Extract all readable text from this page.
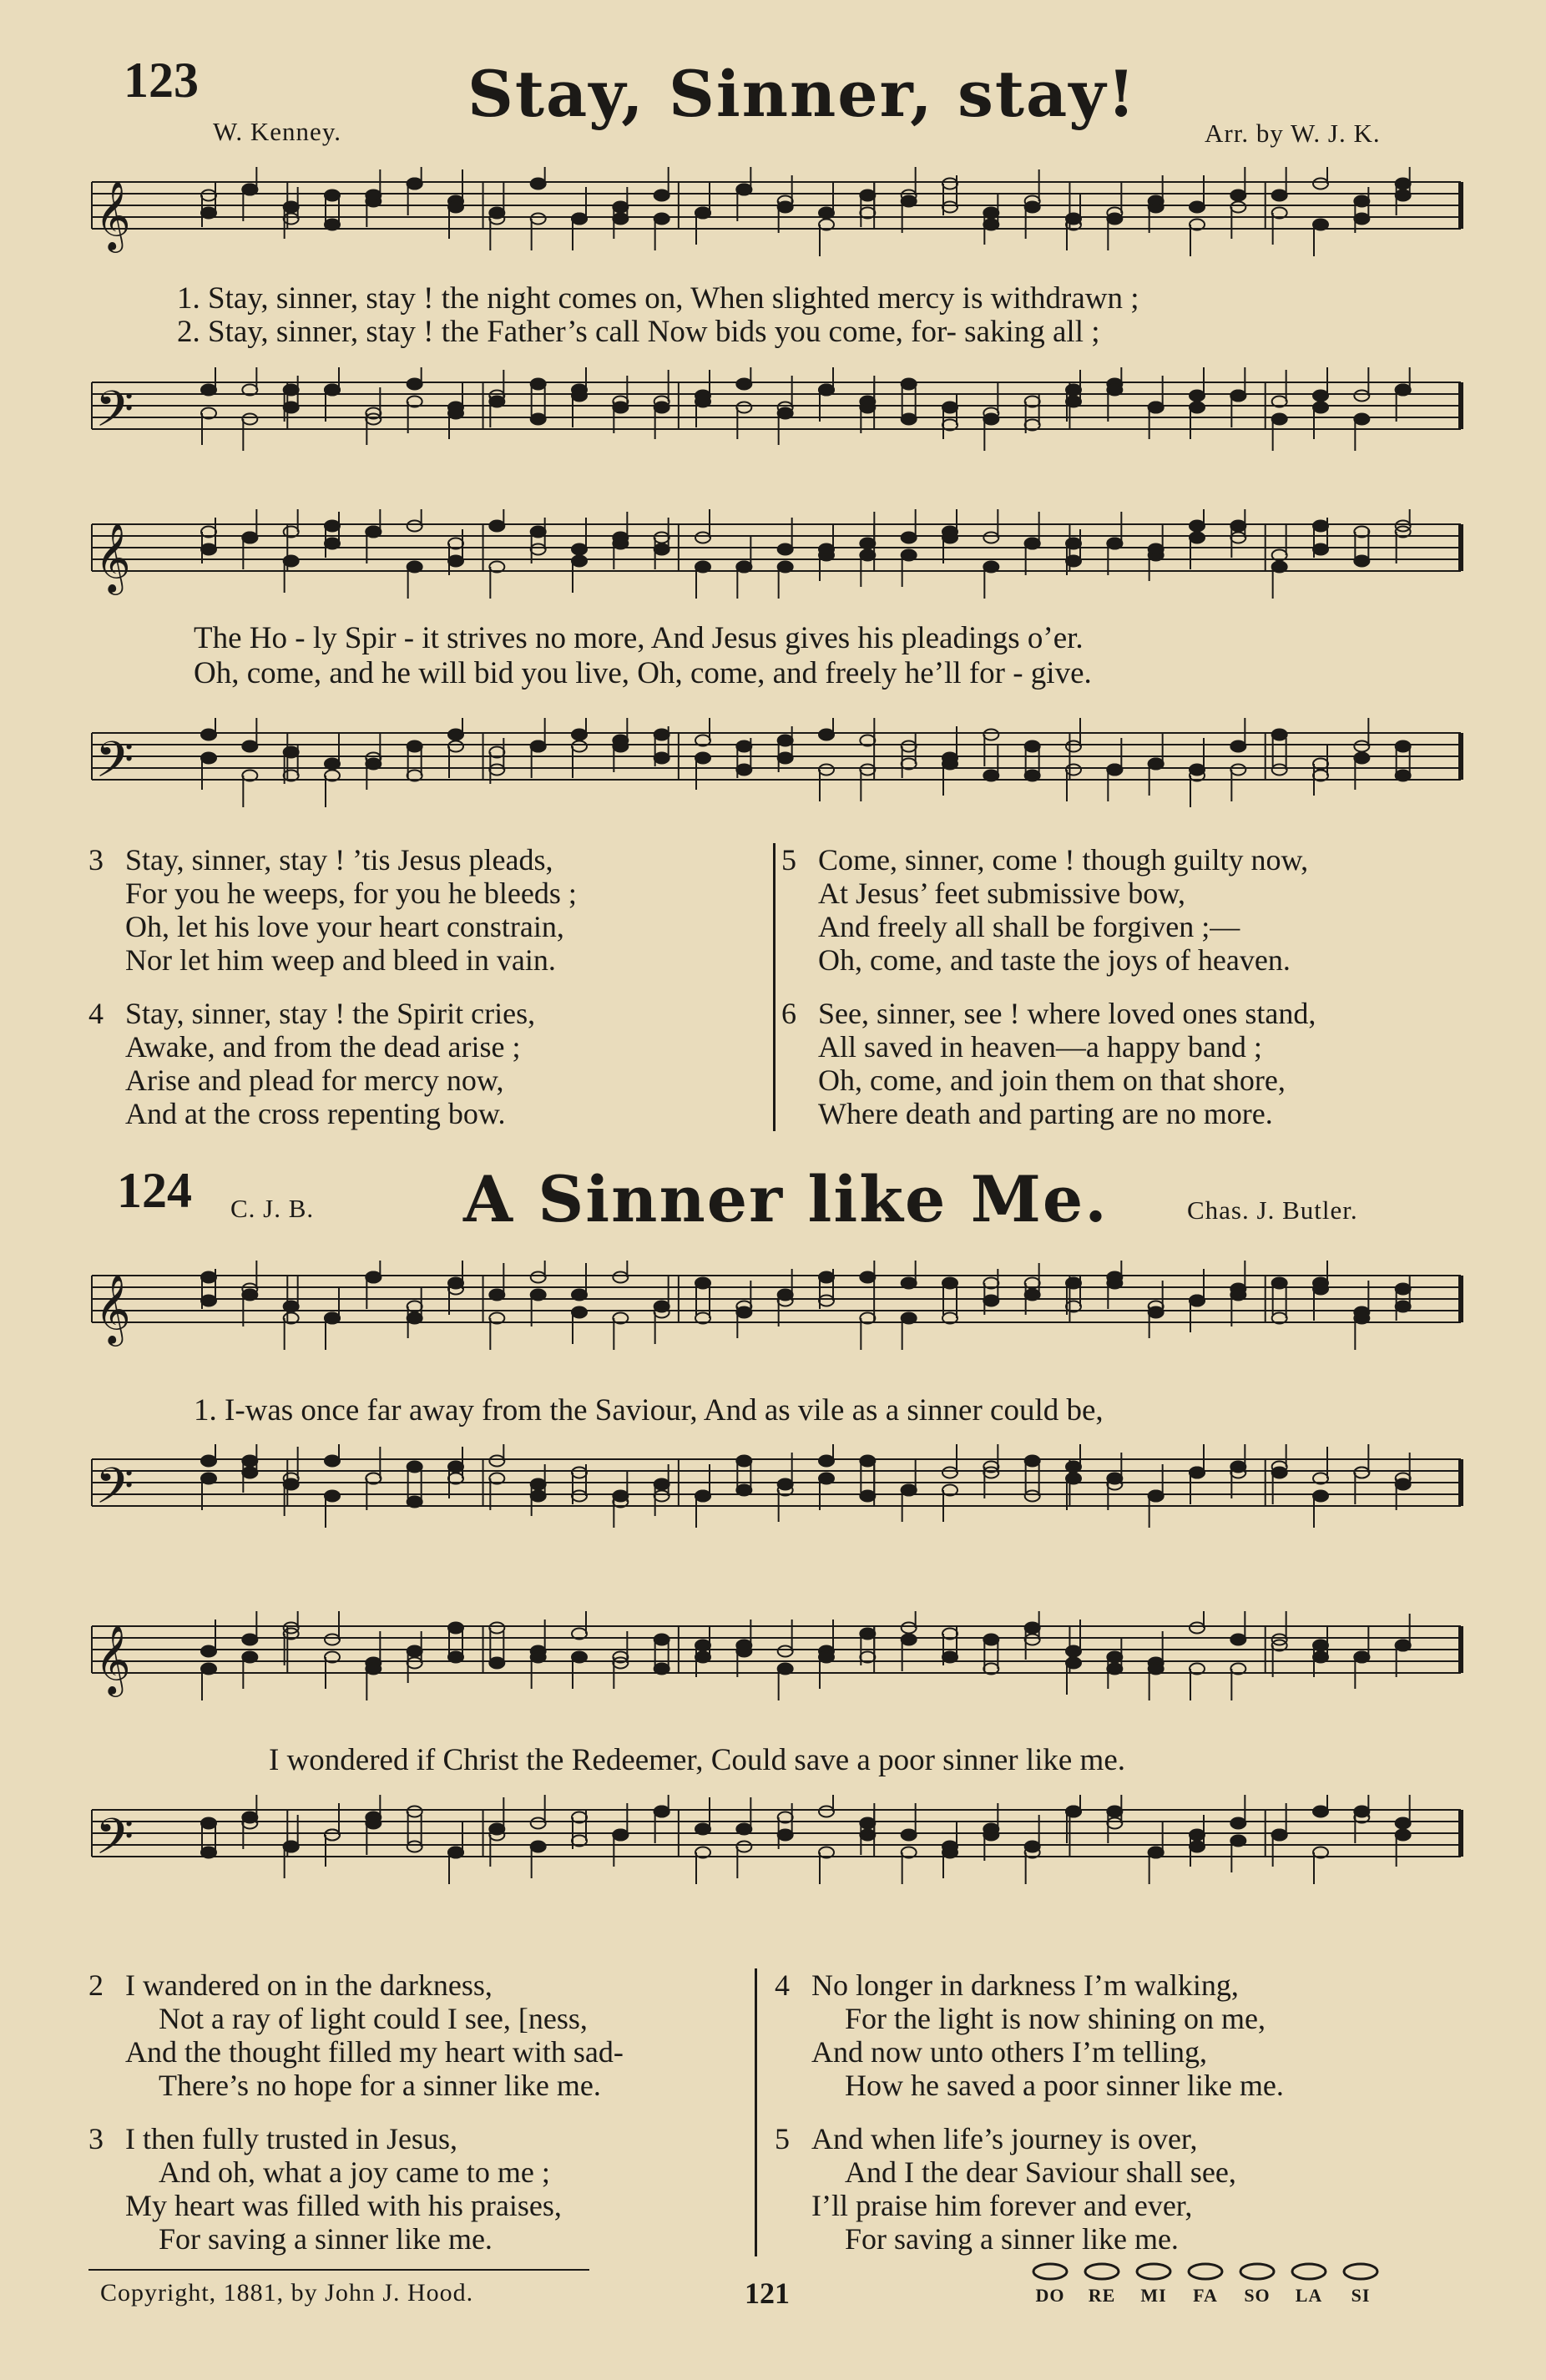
123	Stay, Sinner, stay!
W. Kenney.	Arr. by W. J. K.
𝄞
1. Stay, sinner, stay ! the night comes on, When slighted mercy is withdrawn ;
2. Stay, sinner, stay ! the Father’s call Now bids you come, for- saking all ;
𝄢
𝄞
The Ho - ly Spir - it strives no more, And Jesus gives his pleadings o’er.
Oh, come, and he will bid you live, Oh, come, and freely he’ll for - give.
𝄢
3 Stay, sinner, stay ! ’tis Jesus pleads,
For you he weeps, for you he bleeds ;
Oh, let his love your heart constrain,
Nor let him weep and bleed in vain.
4 Stay, sinner, stay ! the Spirit cries,
Awake, and from the dead arise ;
Arise and plead for mercy now,
And at the cross repenting bow.
5 Come, sinner, come ! though guilty now,
At Jesus’ feet submissive bow,
And freely all shall be forgiven ;—
Oh, come, and taste the joys of heaven.
6 See, sinner, see ! where loved ones stand,
All saved in heaven—a happy band ;
Oh, come, and join them on that shore,
Where death and parting are no more.
124 C. J. B. A Sinner like Me.	Chas. J. Butler.
𝄞
1. I-was once far away from the Saviour, And as vile as a sinner could be,
𝄢
𝄞
I wondered if Christ the Redeemer, Could save a poor sinner like me.
𝄢
2 I wandered on in the darkness,
Not a ray of light could I see, [ness,
And the thought filled my heart with sad-
There’s no hope for a sinner like me.
3 I then fully trusted in Jesus,
And oh, what a joy came to me ;
My heart was filled with his praises,
For saving a sinner like me.
4 No longer in darkness I’m walking,
For the light is now shining on me,
And now unto others I’m telling,
How he saved a poor sinner like me.
5 And when life’s journey is over,
And I the dear Saviour shall see,
I’ll praise him forever and ever,
For saving a sinner like me.
Copyright, 1881, by John J. Hood.	121	DO	RE	MI	FA	SO	LA	SI
